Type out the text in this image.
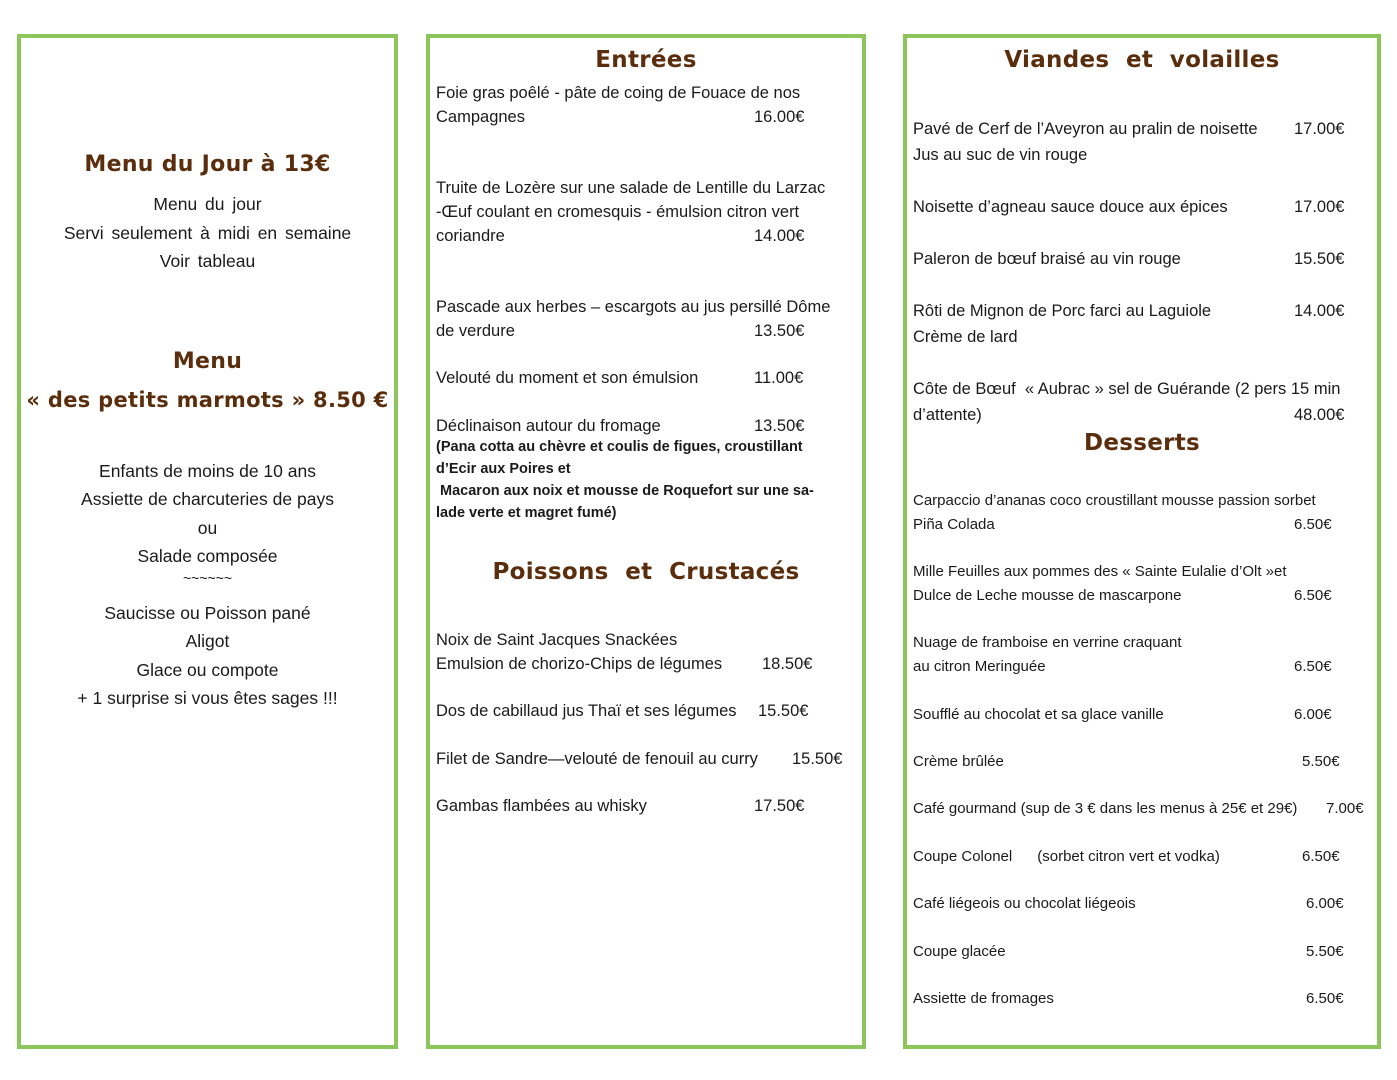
Menu du Jour à 13€
Menu du jour
Servi seulement à midi en semaine
Voir tableau
Menu
« des petits marmots » 8.50 €
Enfants de moins de 10 ans
Assiette de charcuteries de pays
ou
Salade composée
~~~~~~
Saucisse ou Poisson pané
Aligot
Glace ou compote
+ 1 surprise si vous êtes sages !!!
Entrées
Foie gras poêlé - pâte de coing de Fouace de nos
Campagnes	16.00€
Truite de Lozère sur une salade de Lentille du Larzac
-Œuf coulant en cromesquis - émulsion citron vert
coriandre	14.00€
Pascade aux herbes – escargots au jus persillé Dôme
de verdure	13.50€
Velouté du moment et son émulsion	11.00€
Déclinaison autour du fromage	13.50€
(Pana cotta au chèvre et coulis de figues, croustillant
d’Ecir aux Poires et
Macaron aux noix et mousse de Roquefort sur une sa-
lade verte et magret fumé)
Poissons  et  Crustacés
Noix de Saint Jacques Snackées
Emulsion de chorizo-Chips de légumes 18.50€
Dos de cabillaud jus Thaï et ses légumes 15.50€
Filet de Sandre—velouté de fenouil au curry 15.50€
Gambas flambées au whisky	17.50€
Viandes  et  volailles
Pavé de Cerf de l’Aveyron au pralin de noisette 17.00€
Jus au suc de vin rouge
Noisette d’agneau sauce douce aux épices	17.00€
Paleron de bœuf braisé au vin rouge	15.50€
Rôti de Mignon de Porc farci au Laguiole	14.00€
Crème de lard
Côte de Bœuf  « Aubrac » sel de Guérande (2 pers 15 min
d’attente)	48.00€
Desserts
Carpaccio d’ananas coco croustillant mousse passion sorbet
Piña Colada	6.50€
Mille Feuilles aux pommes des « Sainte Eulalie d’Olt »et
Dulce de Leche mousse de mascarpone	6.50€
Nuage de framboise en verrine craquant
au citron Meringuée	6.50€
Soufflé au chocolat et sa glace vanille	6.00€
Crème brûlée	5.50€
Café gourmand (sup de 3 € dans les menus à 25€ et 29€) 7.00€
Coupe Colonel      (sorbet citron vert et vodka)	6.50€
Café liégeois ou chocolat liégeois	6.00€
Coupe glacée	5.50€
Assiette de fromages	6.50€
